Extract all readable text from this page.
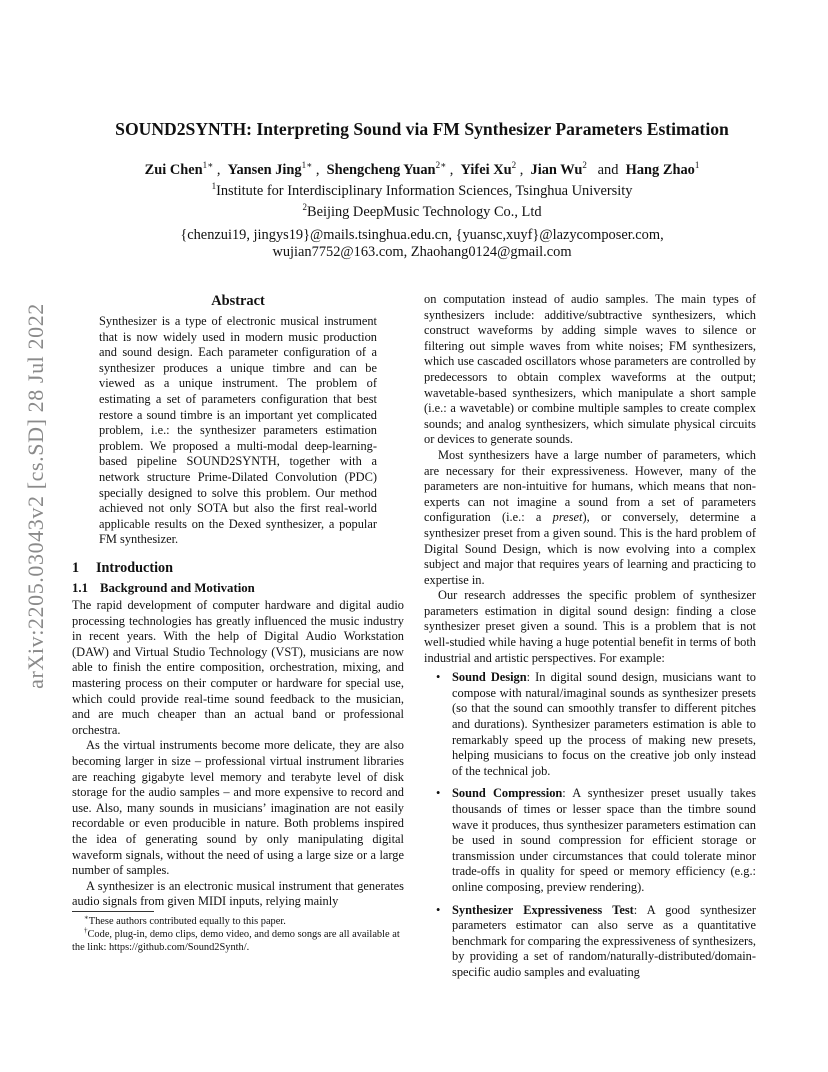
arXiv:2205.03043v2 [cs.SD] 28 Jul 2022
SOUND2SYNTH: Interpreting Sound via FM Synthesizer Parameters Estimation
Zui Chen$^{1∗}$ ,  Yansen Jing$^{1∗}$ ,  Shengcheng Yuan$^{2∗}$ ,  Yifei Xu$^2$ ,  Jian Wu$^2$ and Hang Zhao$^1$
$^1$Institute for Interdisciplinary Information Sciences, Tsinghua University
$^2$Beijing DeepMusic Technology Co., Ltd
{chenzui19, jingys19}@mails.tsinghua.edu.cn, {yuansc,xuyf}@lazycomposer.com,
wujian7752@163.com, Zhaohang0124@gmail.com
Abstract

Synthesizer is a type of electronic musical instrument that is now widely used in modern music production and sound design. Each parameter configuration of a synthesizer produces a unique timbre and can be viewed as a unique instrument. The problem of estimating a set of parameters configuration that best restore a sound timbre is an important yet complicated problem, i.e.: the synthesizer parameters estimation problem. We proposed a multi-modal deep-learning-based pipeline SOUND2SYNTH, together with a network structure Prime-Dilated Convolution (PDC) specially designed to solve this problem. Our method achieved not only SOTA but also the first real-world applicable results on the Dexed synthesizer, a popular FM synthesizer.

1 Introduction
1.1 Background and Motivation

The rapid development of computer hardware and digital audio processing technologies has greatly influenced the music industry in recent years. With the help of Digital Audio Workstation (DAW) and Virtual Studio Technology (VST), musicians are now able to finish the entire composition, orchestration, mixing, and mastering process on their computer or hardware for special use, which could provide real-time sound feedback to the musician, and are much cheaper than an actual band or professional orchestra.

As the virtual instruments become more delicate, they are also becoming larger in size – professional virtual instrument libraries are reaching gigabyte level memory and terabyte level of disk storage for the audio samples – and more expensive to record and use. Also, many sounds in musicians’ imagination are not easily recordable or even producible in nature. Both problems inspired the idea of generating sound by only manipulating digital waveform signals, without the need of using a large size or a large number of samples.

A synthesizer is an electronic musical instrument that generates audio signals from given MIDI inputs, relying mainly

∗These authors contributed equally to this paper.

†Code, plug-in, demo clips, demo video, and demo songs are all available at the link: https://github.com/Sound2Synth/.

on computation instead of audio samples. The main types of synthesizers include: additive/subtractive synthesizers, which construct waveforms by adding simple waves to silence or filtering out simple waves from white noises; FM synthesizers, which use cascaded oscillators whose parameters are controlled by predecessors to obtain complex waveforms at the output; wavetable-based synthesizers, which manipulate a short sample (i.e.: a wavetable) or combine multiple samples to create complex sounds; and analog synthesizers, which simulate physical circuits or devices to generate sounds.

Most synthesizers have a large number of parameters, which are necessary for their expressiveness. However, many of the parameters are non-intuitive for humans, which means that non-experts can not imagine a sound from a set of parameters configuration (i.e.: a preset), or conversely, determine a synthesizer preset from a given sound. This is the hard problem of Digital Sound Design, which is now evolving into a complex subject and major that requires years of learning and practicing to expertise in.

Our research addresses the specific problem of synthesizer parameters estimation in digital sound design: finding a close synthesizer preset given a sound. This is a problem that is not well-studied while having a huge potential benefit in terms of both industrial and artistic perspectives. For example:

• Sound Design: In digital sound design, musicians want to compose with natural/imaginal sounds as synthesizer presets (so that the sound can smoothly transfer to different pitches and durations). Synthesizer parameters estimation is able to remarkably speed up the process of making new presets, helping musicians to focus on the creative job only instead of the technical job.
• Sound Compression: A synthesizer preset usually takes thousands of times or lesser space than the timbre sound wave it produces, thus synthesizer parameters estimation can be used in sound compression for efficient storage or transmission under circumstances that could tolerate minor trade-offs in quality for speed or memory efficiency (e.g.: online composing, preview rendering).
• Synthesizer Expressiveness Test: A good synthesizer parameters estimator can also serve as a quantitative benchmark for comparing the expressiveness of synthesizers, by providing a set of random/naturally-distributed/domain-specific audio samples and evaluating
